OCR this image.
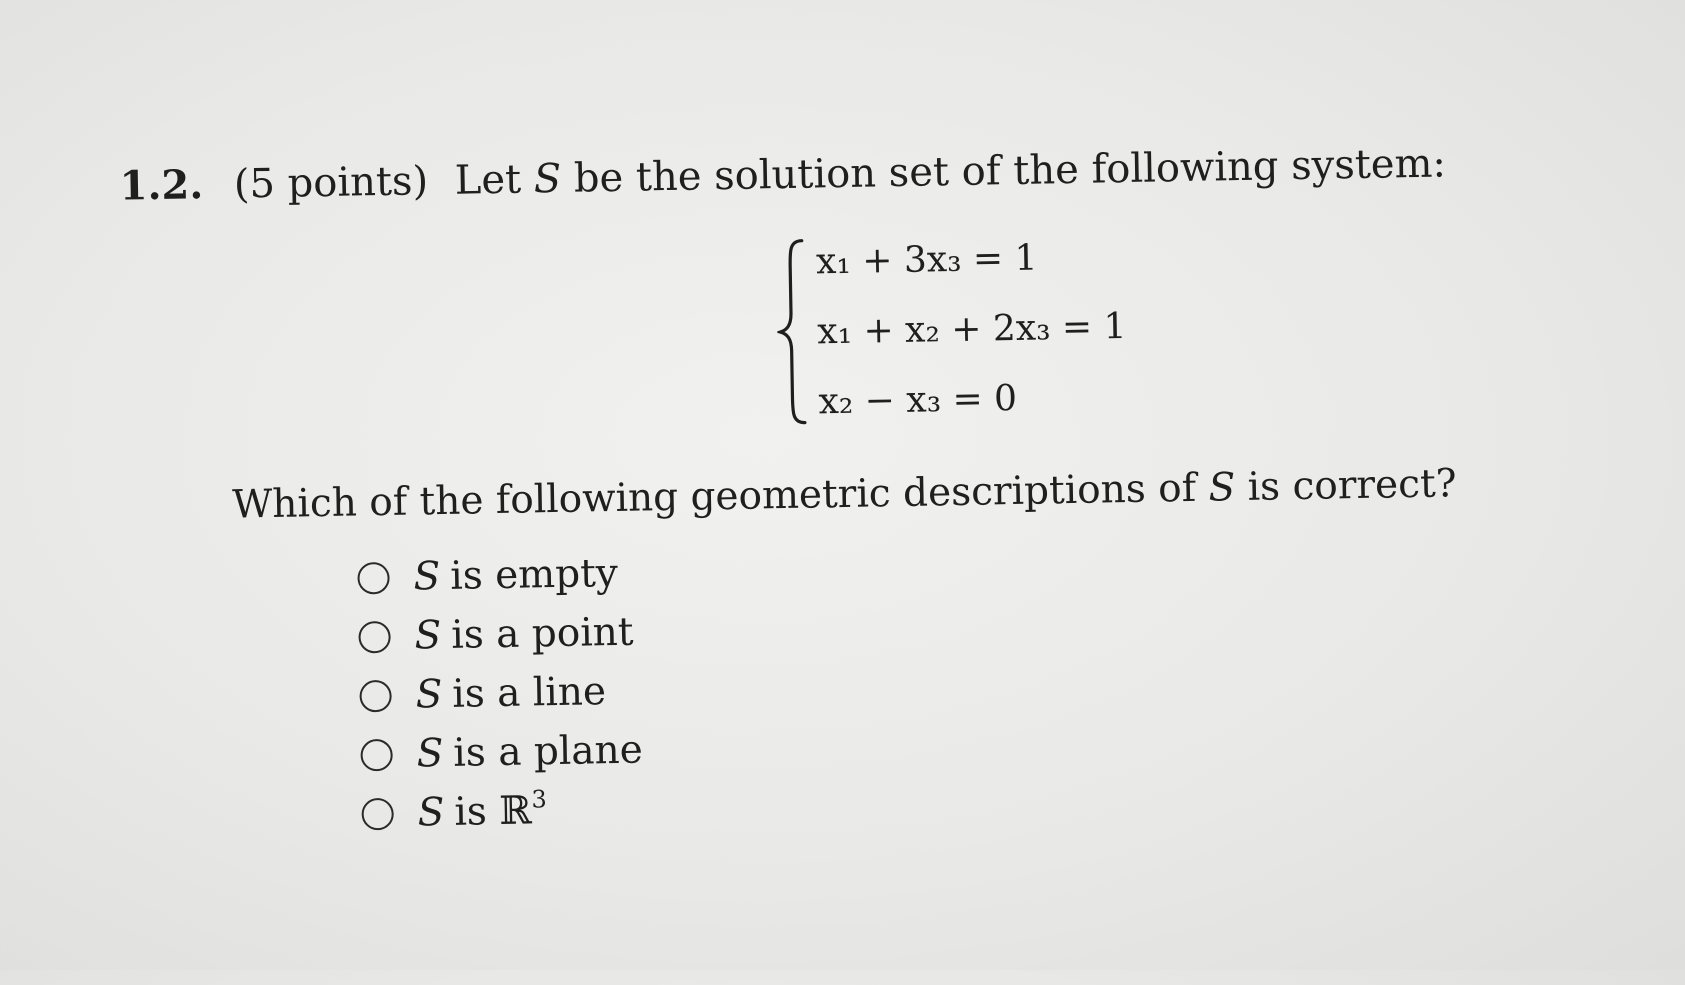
1.2. (5 points) Let S be the solution set of the following system:
x₁ + 3x₃ = 1
x₁ + x₂ + 2x₃ = 1
x₂ − x₃ = 0
Which of the following geometric descriptions of S is correct?
S is empty
S is a point
S is a line
S is a plane
S is ℝ$^3$
